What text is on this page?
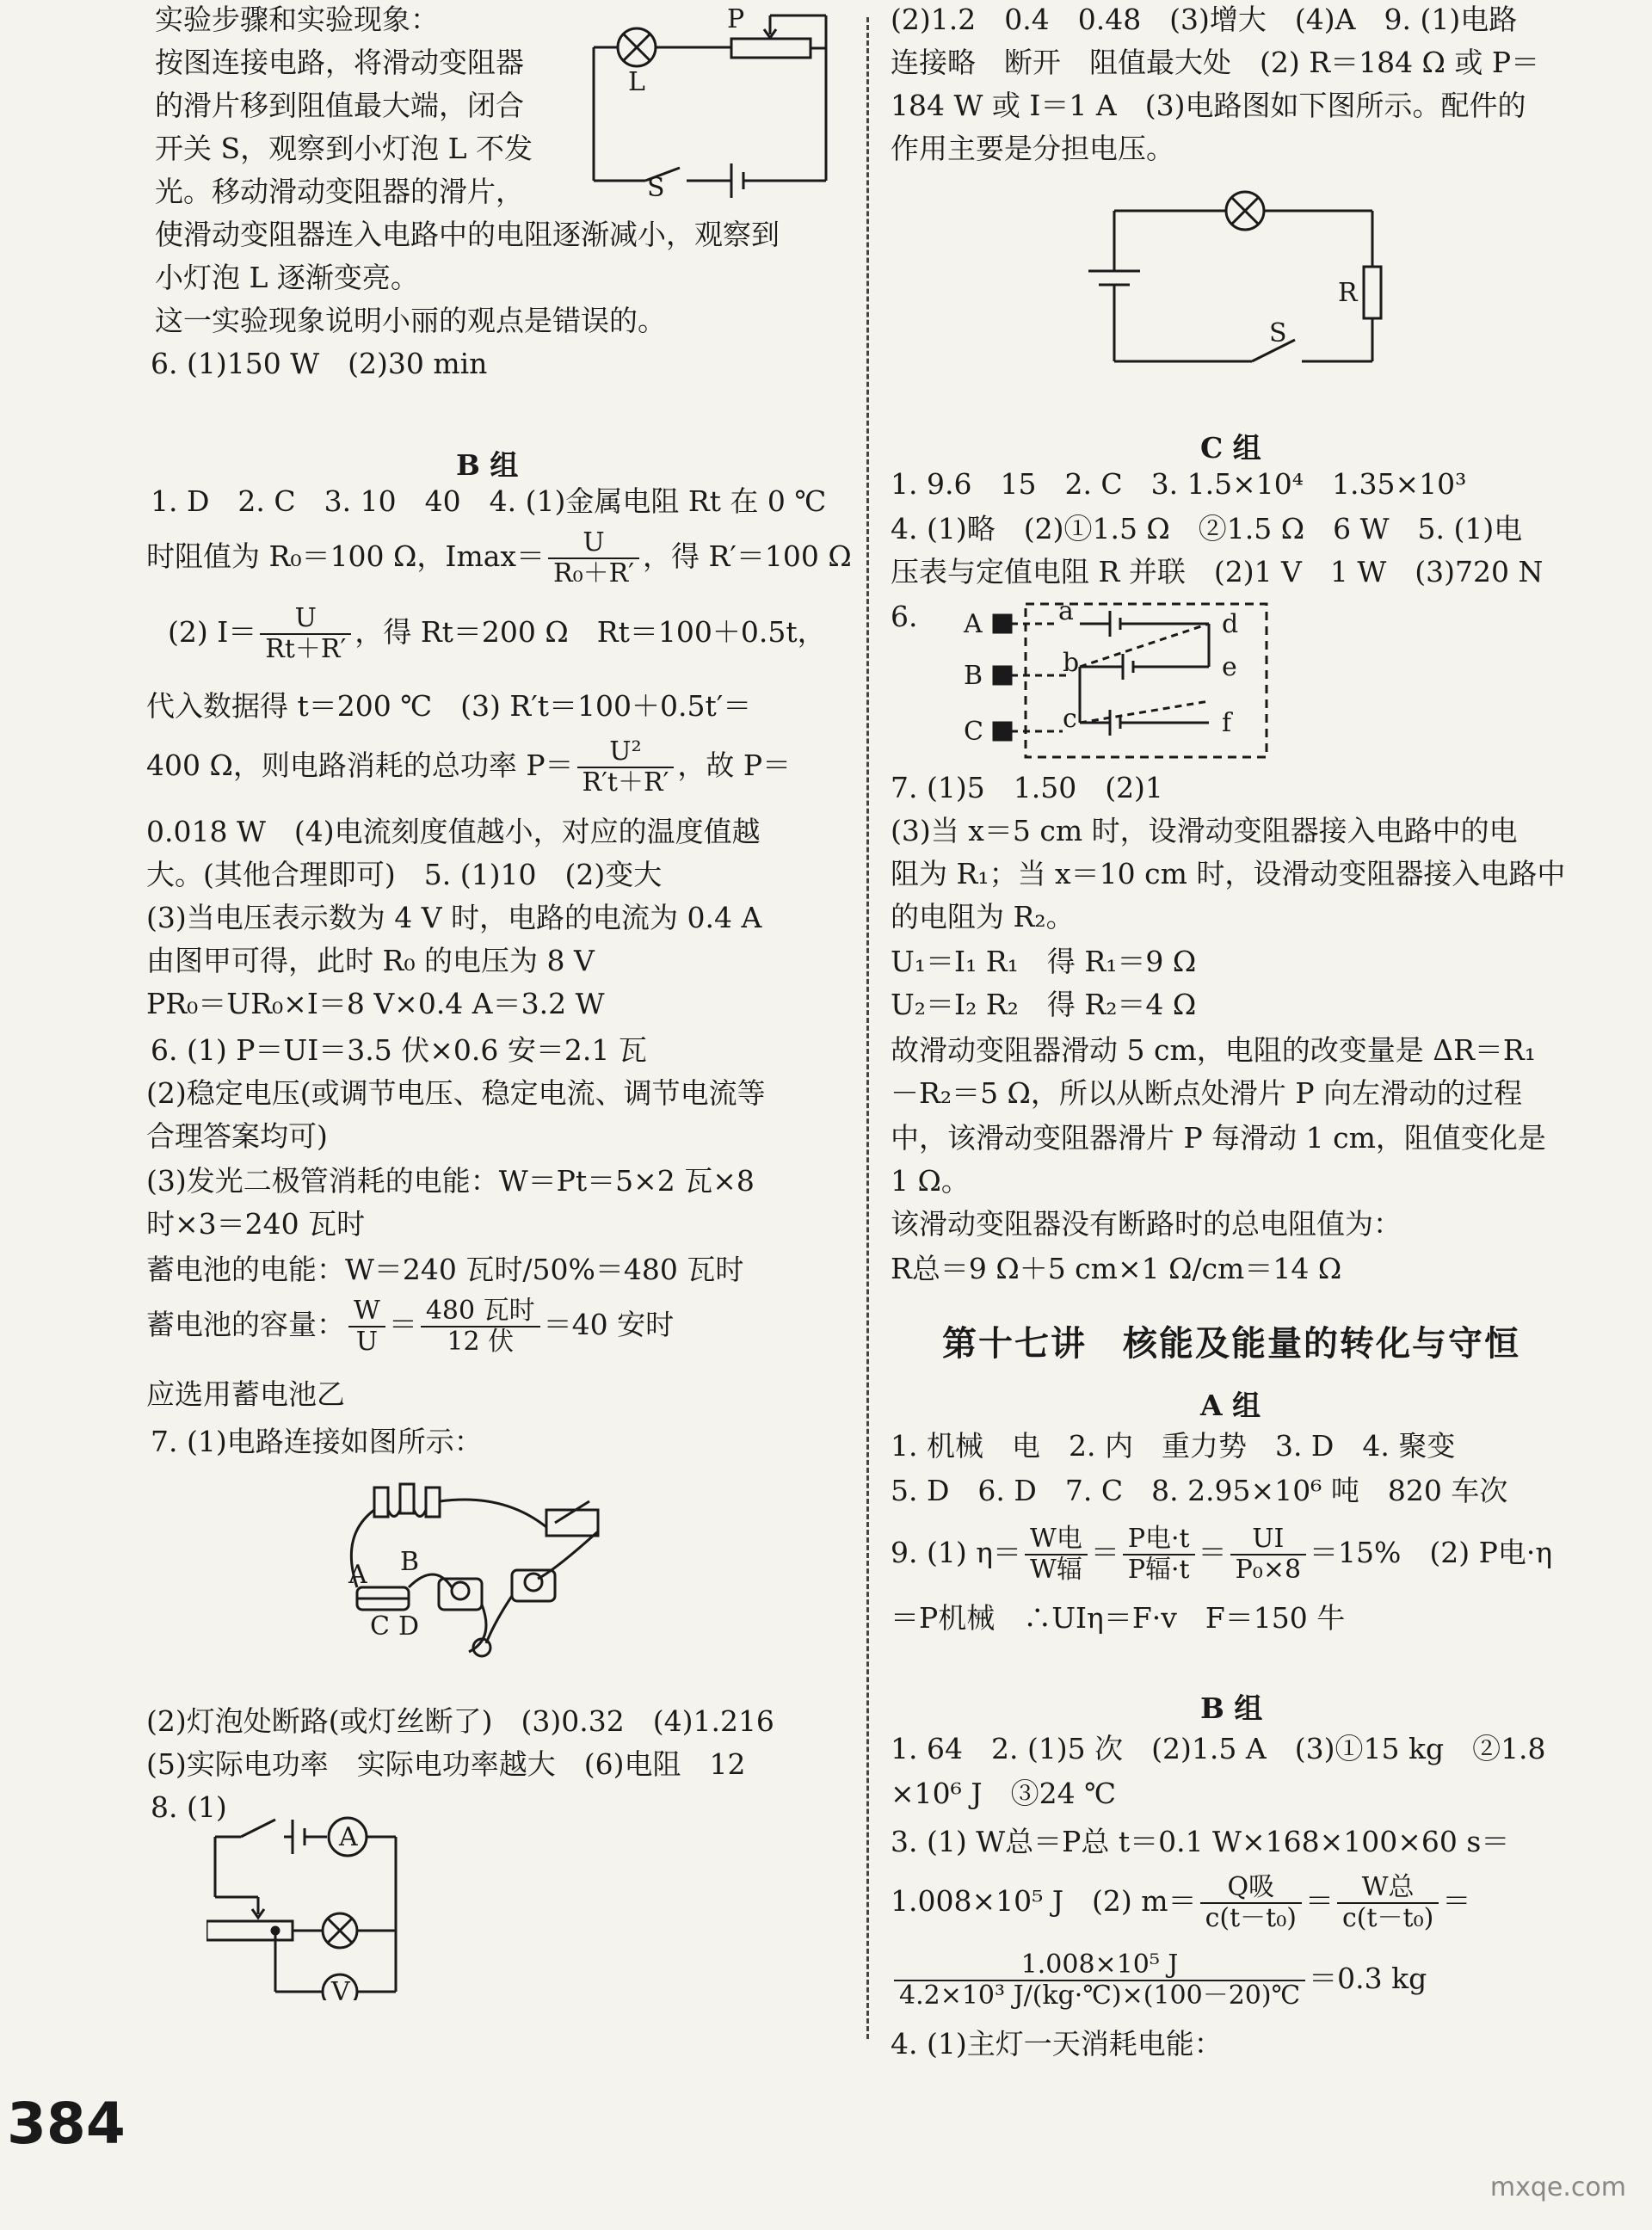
实验步骤和实验现象：
按图连接电路，将滑动变阻器
的滑片移到阻值最大端，闭合
开关 S，观察到小灯泡 L 不发
光。移动滑动变阻器的滑片，
使滑动变阻器连入电路中的电阻逐渐减小，观察到
小灯泡 L 逐渐变亮。
这一实验现象说明小丽的观点是错误的。
6. (1)150 W　(2)30 min
P
L
S
B 组
1. D　2. C　3. 10　40　4. (1)金属电阻 Rt 在 0 ℃
时阻值为 R₀＝100 Ω，$Imax= \frac{U}{\text{R₀＋R′}}$ ，得 R′＝100 Ω
(2) $I= \frac{U}{Rt+R'}$ ，得 Rt＝200 Ω　Rt＝100＋0.5t，
代入数据得 t＝200 ℃　(3) R′t＝100＋0.5t′＝
400 Ω，则电路消耗的总功率 $P= \frac{\text{U²}}{R't+R'}$ ，故 P＝
0.018 W　(4)电流刻度值越小，对应的温度值越
大。(其他合理即可)　5. (1)10　(2)变大
(3)当电压表示数为 4 V 时，电路的电流为 0.4 A
由图甲可得，此时 R₀ 的电压为 8 V
PR₀＝UR₀×I＝8 V×0.4 A＝3.2 W
6. (1) P＝UI＝3.5 伏×0.6 安＝2.1 瓦
(2)稳定电压(或调节电压、稳定电流、调节电流等
合理答案均可)
(3)发光二极管消耗的电能：W＝Pt＝5×2 瓦×8
时×3＝240 瓦时
蓄电池的电能：W＝240 瓦时/50%＝480 瓦时
蓄电池的容量： $\frac{W}{U} = \frac{\text{480 瓦时}}{\text{12 伏}} =40$ 安时
应选用蓄电池乙
7. (1)电路连接如图所示：
A B
C D
(2)灯泡处断路(或灯丝断了)　(3)0.32　(4)1.216
(5)实际电功率　实际电功率越大　(6)电阻　12
8. (1)
A
V
(2)1.2　0.4　0.48　(3)增大　(4)A　9. (1)电路
连接略　断开　阻值最大处　(2) R＝184 Ω 或 P＝
184 W 或 I＝1 A　(3)电路图如下图所示。配件的
作用主要是分担电压。
R
S
C 组
1. 9.6　15　2. C　3. 1.5×10⁴　1.35×10³
4. (1)略　(2)①1.5 Ω　②1.5 Ω　6 W　5. (1)电
压表与定值电阻 R 并联　(2)1 V　1 W　(3)720 N
6. A
B
C
a
b
c
d
e
f
7. (1)5　1.50　(2)1
(3)当 x＝5 cm 时，设滑动变阻器接入电路中的电
阻为 R₁；当 x＝10 cm 时，设滑动变阻器接入电路中
的电阻为 R₂。
U₁＝I₁ R₁　得 R₁＝9 Ω
U₂＝I₂ R₂　得 R₂＝4 Ω
故滑动变阻器滑动 5 cm，电阻的改变量是 ΔR＝R₁
－R₂＝5 Ω，所以从断点处滑片 P 向左滑动的过程
中，该滑动变阻器滑片 P 每滑动 1 cm，阻值变化是
1 Ω。
该滑动变阻器没有断路时的总电阻值为：
R总＝9 Ω＋5 cm×1 Ω/cm＝14 Ω
第十七讲　核能及能量的转化与守恒
A 组
1. 机械　电　2. 内　重力势　3. D　4. 聚变
5. D　6. D　7. C　8. 2.95×10⁶ 吨　820 车次
9. (1) $\eta= \frac{\text{W电}}{\text{W辐}} = \frac{\text{P电·t}}{\text{P辐·t}} = \frac{UI}{\text{P₀×8}} =15\%$　(2) P电·η
＝P机械　∴UIη＝F·v　F＝150 牛
B 组
1. 64　2. (1)5 次　(2)1.5 A　(3)①15 kg　②1.8
×10⁶ J　③24 ℃
3. (1) W总＝P总 t＝0.1 W×168×100×60 s＝
1.008×10⁵ J　(2) $m= \frac{\text{Q吸}}{\text{c(t－t₀)}} = \frac{\text{W总}}{\text{c(t－t₀)}}$ ＝
$\frac{\text{1.008×10⁵ J}}{\text{4.2×10³ J/(kg·℃)×(100－20)℃}} =0.3$ kg
4. (1)主灯一天消耗电能：
384
mxqe.com
